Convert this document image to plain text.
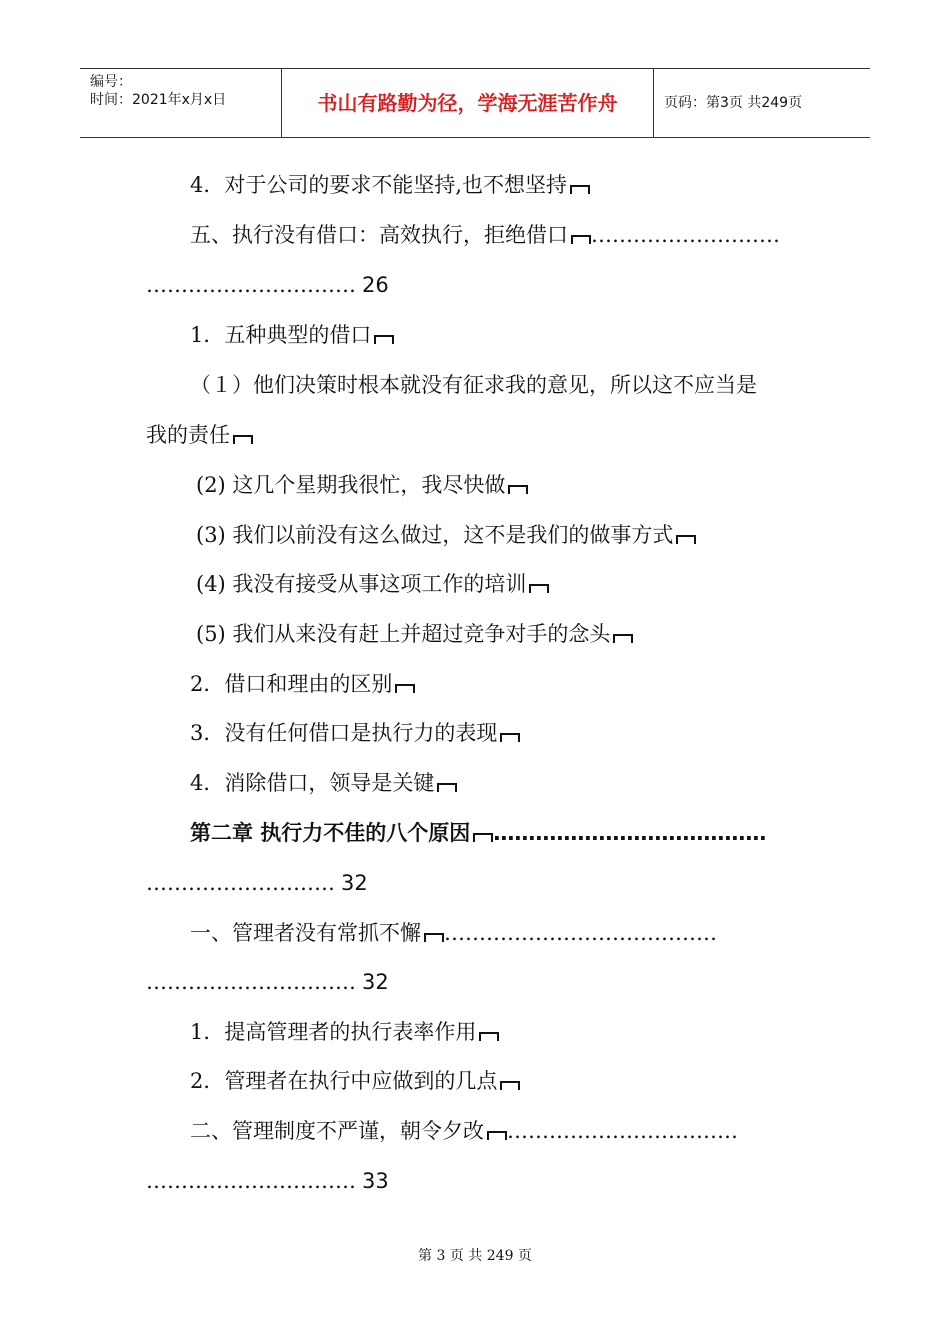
编号：
时间：2021年x月x日	书山有路勤为径，学海无涯苦作舟	页码：第3页 共249页
4．对于公司的要求不能坚持,也不想坚持
五、执行没有借口：高效执行，拒绝借口 ………………………
………………………… 26
1．五种典型的借口
（１）他们决策时根本就没有征求我的意见，所以这不应当是
我的责任
(2) 这几个星期我很忙，我尽快做
(3) 我们以前没有这么做过，这不是我们的做事方式
(4) 我没有接受从事这项工作的培训
(5) 我们从来没有赶上并超过竞争对手的念头
2．借口和理由的区别
3．没有任何借口是执行力的表现
4．消除借口，领导是关键
第二章 执行力不佳的八个原因 …………………………………
……………………… 32
一、管理者没有常抓不懈 …………………………………
………………………… 32
1．提高管理者的执行表率作用
2．管理者在执行中应做到的几点
二、管理制度不严谨，朝令夕改 ……………………………
………………………… 33
第 3 页 共 249 页
